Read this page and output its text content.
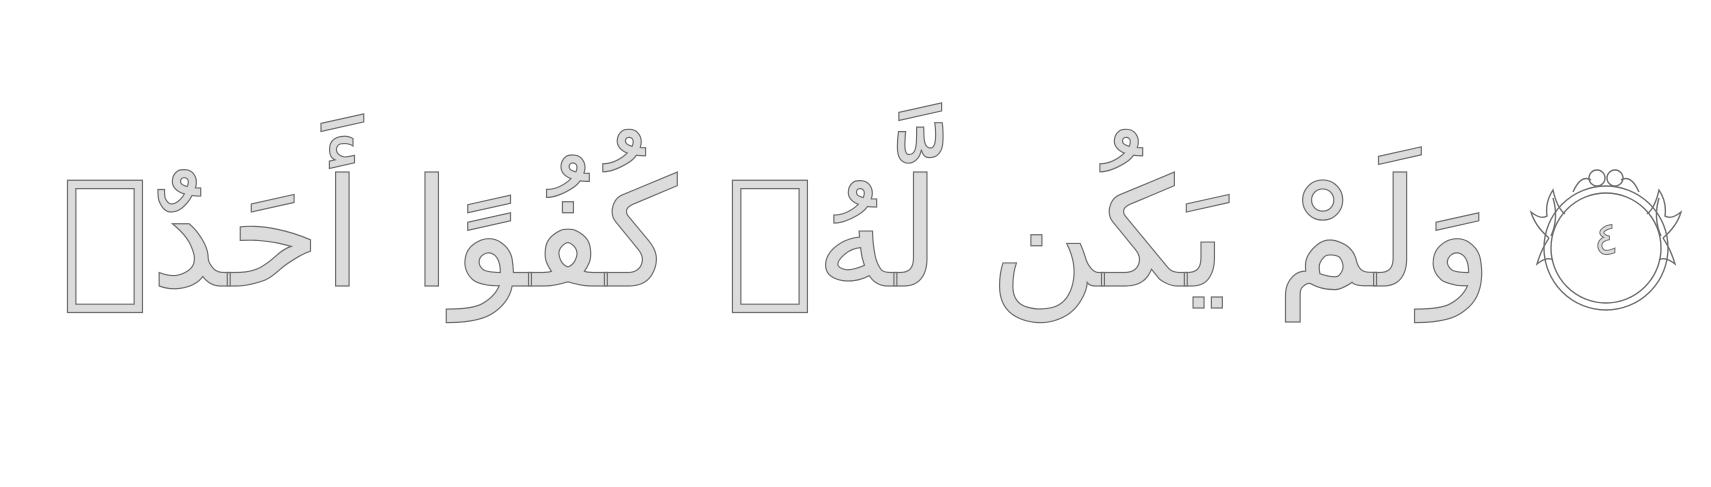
وَلَمْ يَكُن لَّهُۥ كُفُوًا أَحَدٌۢ	٤
